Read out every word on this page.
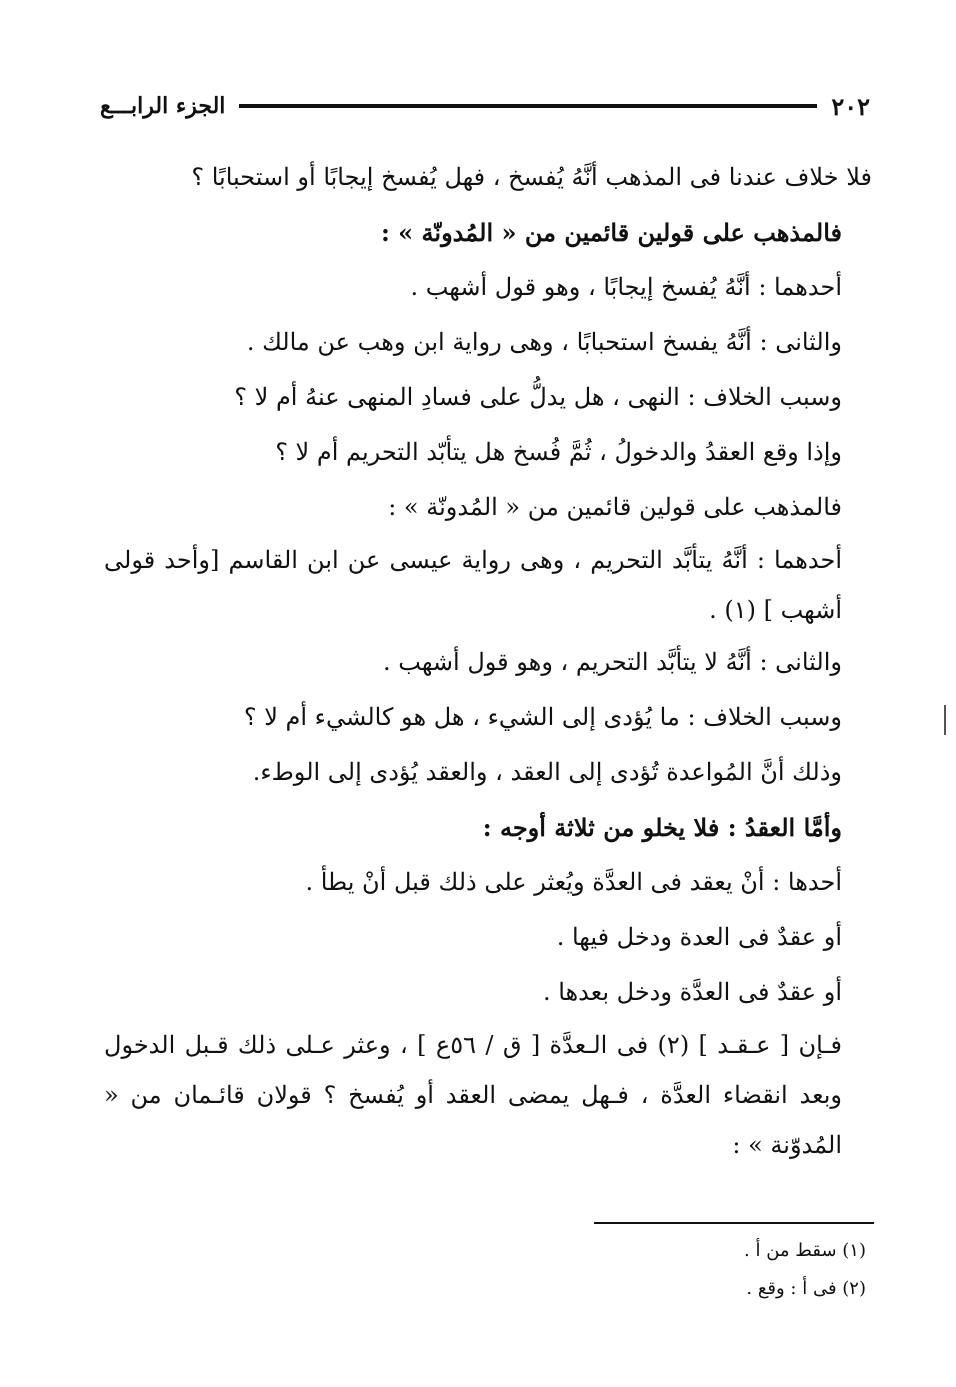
٢٠٢
الجزء الرابـــع
فلا خلاف عندنا فى المذهب أنَّهُ يُفسخ ، فهل يُفسخ إيجابًا أو استحبابًا ؟
فالمذهب على قولين قائمين من « المُدونّة » :
أحدهما : أنَّهُ يُفسخ إيجابًا ، وهو قول أشهب .
والثانى : أنَّهُ يفسخ استحبابًا ، وهى رواية ابن وهب عن مالك .
وسبب الخلاف : النهى ، هل يدلُّ على فسادِ المنهى عنهُ أم لا ؟
وإذا وقع العقدُ والدخولُ ، ثُمَّ فُسخ هل يتأبّد التحريم أم لا ؟
فالمذهب على قولين قائمين من « المُدونّة » :
أحدهما : أنَّهُ يتأبَّد التحريم ، وهى رواية عيسى عن ابن القاسم [وأحد قولى أشهب ] (١) .
والثانى : أنَّهُ لا يتأبَّد التحريم ، وهو قول أشهب .
وسبب الخلاف : ما يُؤدى إلى الشيء ، هل هو كالشيء أم لا ؟
وذلك أنَّ المُواعدة تُؤدى إلى العقد ، والعقد يُؤدى إلى الوطء.
وأمَّا العقدُ : فلا يخلو من ثلاثة أوجه :
أحدها : أنْ يعقد فى العدَّة ويُعثر على ذلك قبل أنْ يطأ .
أو عقدٌ فى العدة ودخل فيها .
أو عقدٌ فى العدَّة ودخل بعدها .
فـإن [ عـقـد ] (٢) فى الـعدَّة [ ق / ٥٦ع ] ، وعثر عـلى ذلك قـبل الدخول وبعد انقضاء العدَّة ، فـهل يمضى العقد أو يُفسخ ؟ قولان قائـمان من « المُدوّنة » :
(١) سقط من أ .
(٢) فى أ : وقع .
